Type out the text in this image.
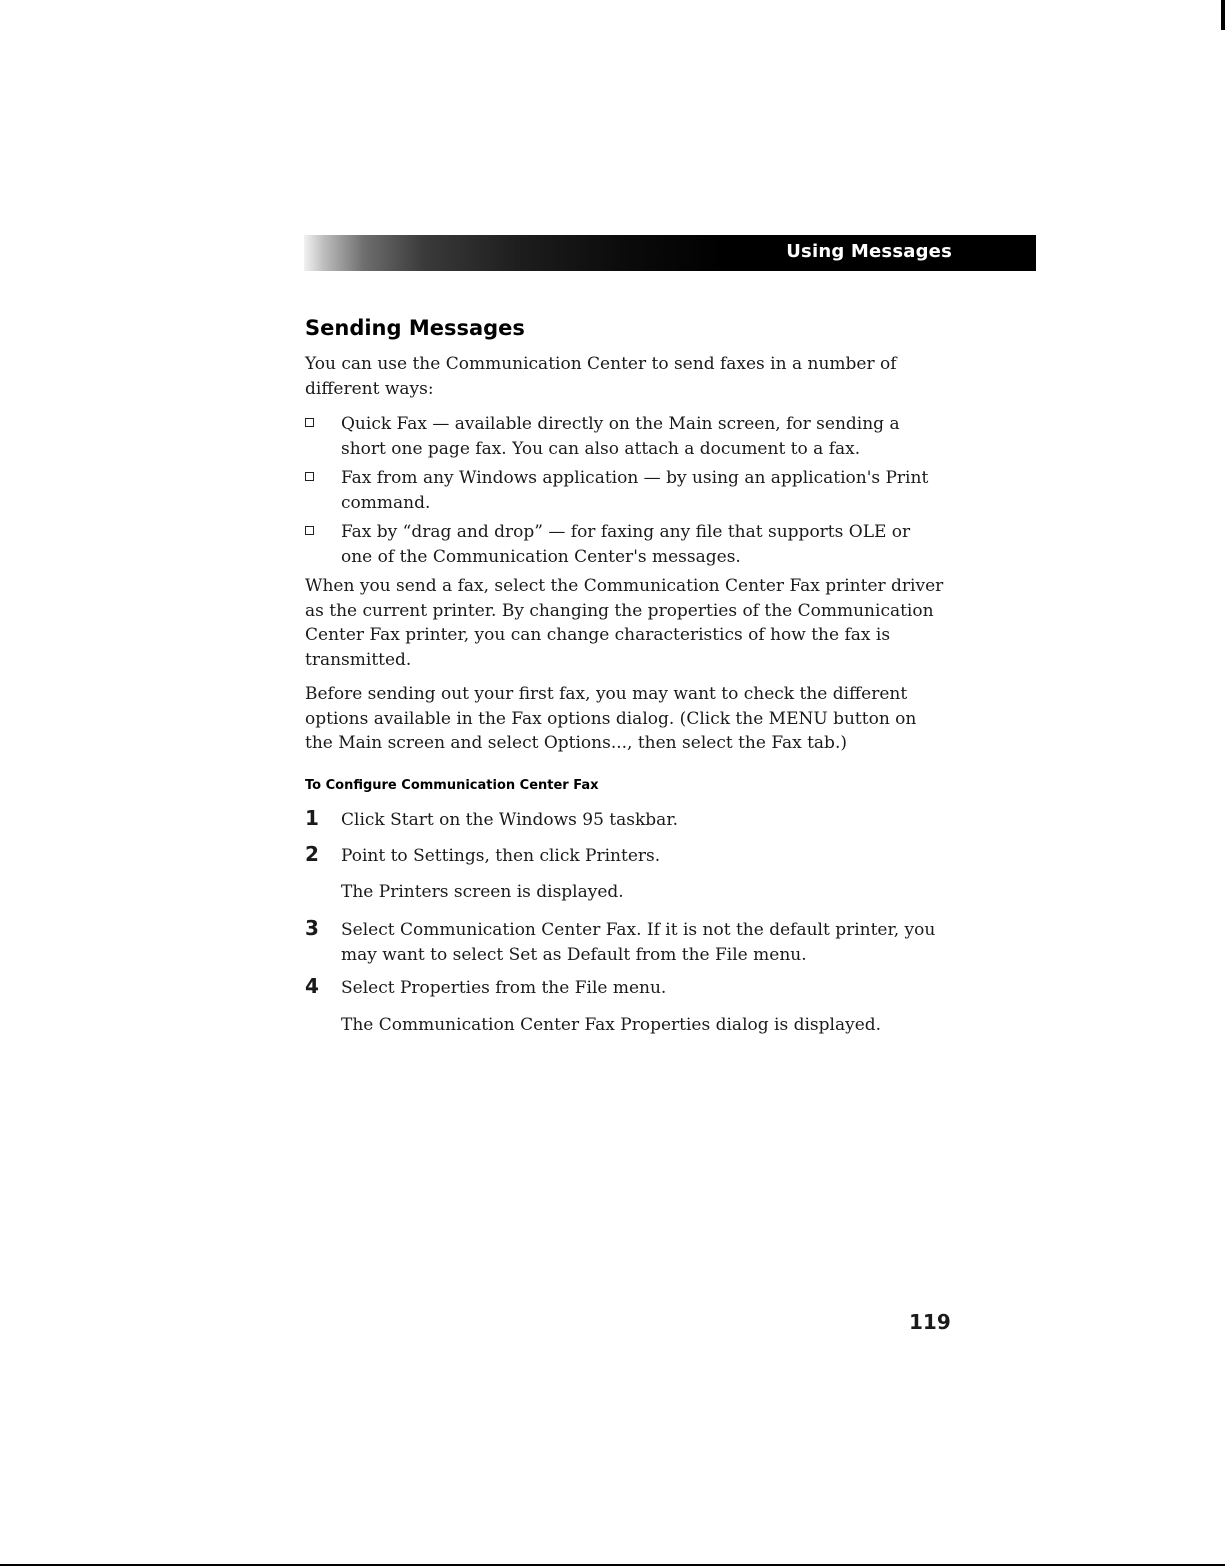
Using Messages
Sending Messages

You can use the Communication Center to send faxes in a number of different ways:

Quick Fax — available directly on the Main screen, for sending a short one page fax. You can also attach a document to a fax.
Fax from any Windows application — by using an application's Print command.
Fax by “drag and drop” — for faxing any file that supports OLE or one of the Communication Center's messages.

When you send a fax, select the Communication Center Fax printer driver as the current printer. By changing the properties of the Communication Center Fax printer, you can change characteristics of how the fax is transmitted.

Before sending out your first fax, you may want to check the different options available in the Fax options dialog. (Click the MENU button on the Main screen and select Options..., then select the Fax tab.)

To Configure Communication Center Fax
1 Click Start on the Windows 95 taskbar.
2 Point to Settings, then click Printers.

The Printers screen is displayed.

3 Select Communication Center Fax. If it is not the default printer, you may want to select Set as Default from the File menu.
4 Select Properties from the File menu.

The Communication Center Fax Properties dialog is displayed.

119
